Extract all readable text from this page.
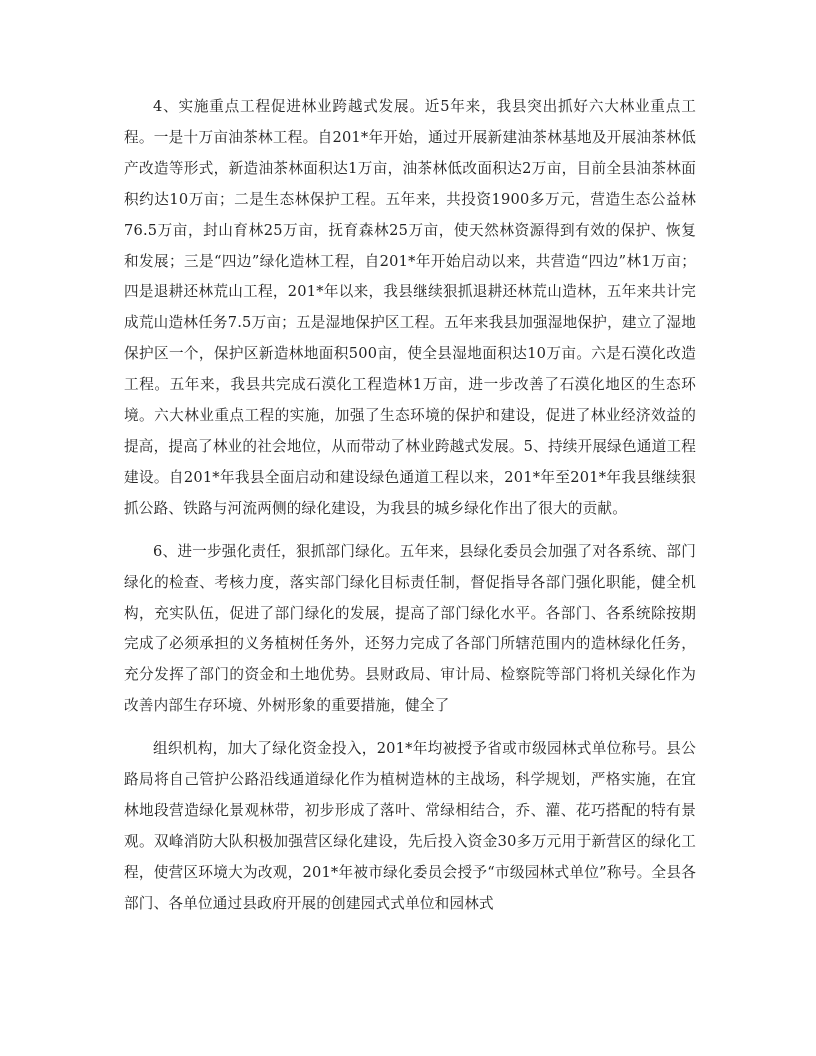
4、实施重点工程促进林业跨越式发展。近5年来，我县突出抓好六大林业重点工程。一是十万亩油茶林工程。自201*年开始，通过开展新建油茶林基地及开展油茶林低产改造等形式，新造油茶林面积达1万亩，油茶林低改面积达2万亩，目前全县油茶林面积约达10万亩；二是生态林保护工程。五年来，共投资1900多万元，营造生态公益林76.5万亩，封山育林25万亩，抚育森林25万亩，使天然林资源得到有效的保护、恢复和发展；三是“四边”绿化造林工程，自201*年开始启动以来，共营造“四边”林1万亩；四是退耕还林荒山工程，201*年以来，我县继续狠抓退耕还林荒山造林，五年来共计完成荒山造林任务7.5万亩；五是湿地保护区工程。五年来我县加强湿地保护，建立了湿地保护区一个，保护区新造林地面积500亩，使全县湿地面积达10万亩。六是石漠化改造工程。五年来，我县共完成石漠化工程造林1万亩，进一步改善了石漠化地区的生态环境。六大林业重点工程的实施，加强了生态环境的保护和建设，促进了林业经济效益的提高，提高了林业的社会地位，从而带动了林业跨越式发展。5、持续开展绿色通道工程建设。自201*年我县全面启动和建设绿色通道工程以来，201*年至201*年我县继续狠抓公路、铁路与河流两侧的绿化建设，为我县的城乡绿化作出了很大的贡献。

6、进一步强化责任，狠抓部门绿化。五年来，县绿化委员会加强了对各系统、部门绿化的检查、考核力度，落实部门绿化目标责任制，督促指导各部门强化职能，健全机构，充实队伍，促进了部门绿化的发展，提高了部门绿化水平。各部门、各系统除按期完成了必须承担的义务植树任务外，还努力完成了各部门所辖范围内的造林绿化任务，充分发挥了部门的资金和土地优势。县财政局、审计局、检察院等部门将机关绿化作为改善内部生存环境、外树形象的重要措施，健全了

组织机构，加大了绿化资金投入，201*年均被授予省或市级园林式单位称号。县公路局将自己管护公路沿线通道绿化作为植树造林的主战场，科学规划，严格实施，在宜林地段营造绿化景观林带，初步形成了落叶、常绿相结合，乔、灌、花巧搭配的特有景观。双峰消防大队积极加强营区绿化建设，先后投入资金30多万元用于新营区的绿化工程，使营区环境大为改观，201*年被市绿化委员会授予“市级园林式单位”称号。全县各部门、各单位通过县政府开展的创建园式式单位和园林式
